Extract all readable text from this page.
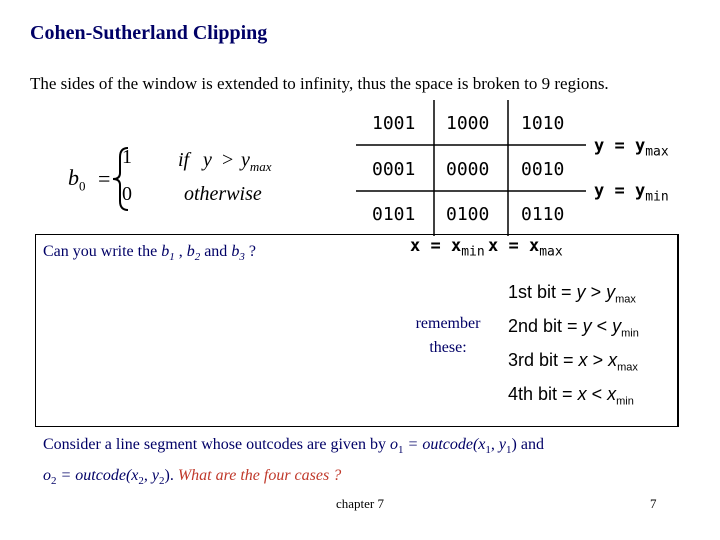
Cohen-Sutherland Clipping
The sides of the window is extended to infinity, thus the space is broken to 9 regions.
$b_0$ =
1 if $y > y_{max}$
0	otherwise
1001 1000 1010
0001 0000 0010
0101 0100 0110
$y = y_{max}$
$y = y_{min}$
$x = x_{min}$ $x = x_{max}$
Can you write the $b_1$ , $b_2$ and $b_3$ ?
remember
these:
1st bit = $y > y_{max}$
2nd bit = $y < y_{min}$
3rd bit = $x > x_{max}$
4th bit = $x < x_{min}$
Consider a line segment whose outcodes are given by $o_1$ = $outcode(x_1$, $y_1$) and
$o_2$ = $outcode(x_2$, $y_2$). What are the four cases ?
chapter 7	7
